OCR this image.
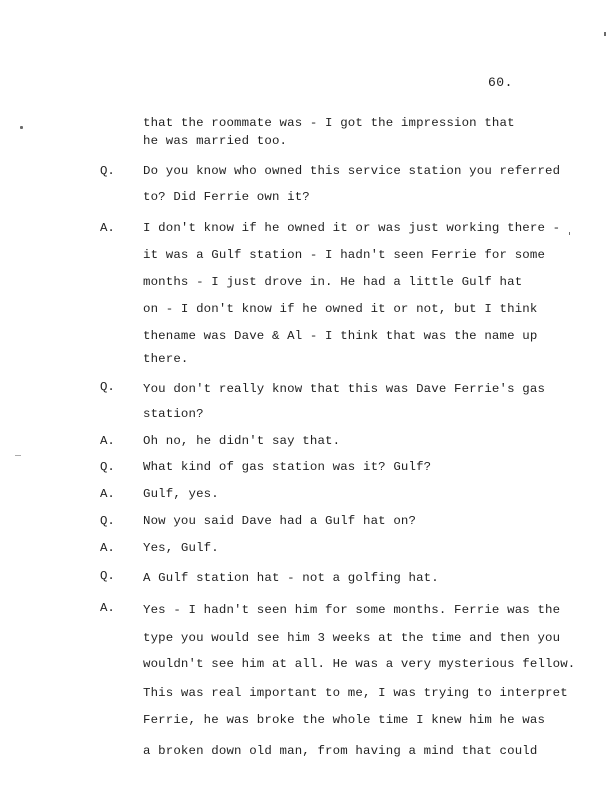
60.
that the roommate was - I got the impression that
he was married too.
Q. Do you know who owned this service station you referred
to? Did Ferrie own it?
A. I don't know if he owned it or was just working there -
it was a Gulf station - I hadn't seen Ferrie for some
months - I just drove in. He had a little Gulf hat
on - I don't know if he owned it or not, but I think
thename was Dave & Al - I think that was the name up
there.
Q. You don't really know that this was Dave Ferrie's gas
station?
A. Oh no, he didn't say that.
Q. What kind of gas station was it? Gulf?
A. Gulf, yes.
Q. Now you said Dave had a Gulf hat on?
A. Yes, Gulf.
Q. A Gulf station hat - not a golfing hat.
A. Yes - I hadn't seen him for some months. Ferrie was the
type you would see him 3 weeks at the time and then you
wouldn't see him at all. He was a very mysterious fellow.
This was real important to me, I was trying to interpret
Ferrie, he was broke the whole time I knew him he was
a broken down old man, from having a mind that could
